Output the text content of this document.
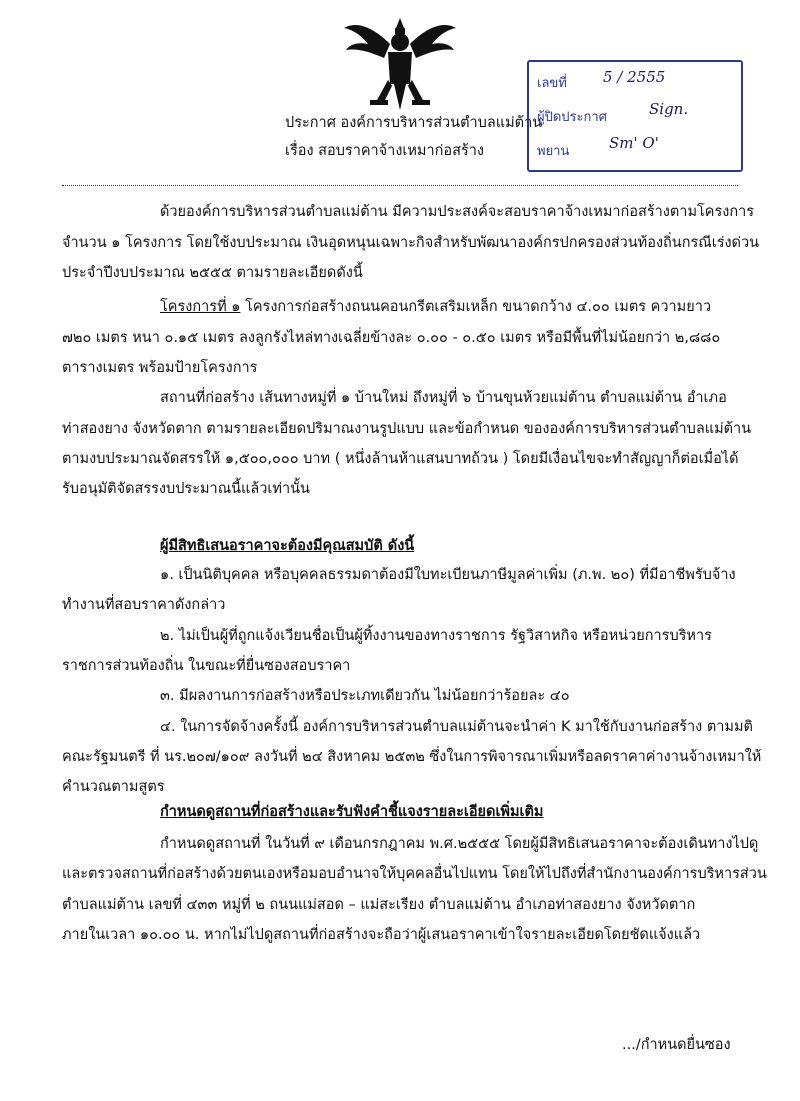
ประกาศ องค์การบริหารส่วนตำบลแม่ต้าน
เรื่อง สอบราคาจ้างเหมาก่อสร้าง
เลขที่ 5 / 2555
ผู้ปิดประกาศ	Sign.
พยาน	Sm' O'
ด้วยองค์การบริหารส่วนตำบลแม่ต้าน มีความประสงค์จะสอบราคาจ้างเหมาก่อสร้างตามโครงการ
จำนวน ๑ โครงการ โดยใช้งบประมาณ เงินอุดหนุนเฉพาะกิจสำหรับพัฒนาองค์กรปกครองส่วนท้องถิ่นกรณีเร่งด่วน
ประจำปีงบประมาณ ๒๕๕๕ ตามรายละเอียดดังนี้
โครงการที่ ๑ โครงการก่อสร้างถนนคอนกรีตเสริมเหล็ก ขนาดกว้าง ๔.๐๐ เมตร ความยาว
๗๒๐ เมตร หนา ๐.๑๕ เมตร ลงลูกรังไหล่ทางเฉลี่ยข้างละ ๐.๐๐ - ๐.๕๐ เมตร หรือมีพื้นที่ไม่น้อยกว่า ๒,๘๘๐
ตารางเมตร พร้อมป้ายโครงการ
สถานที่ก่อสร้าง เส้นทางหมู่ที่ ๑ บ้านใหม่ ถึงหมู่ที่ ๖ บ้านขุนห้วยแม่ต้าน ตำบลแม่ต้าน อำเภอ
ท่าสองยาง จังหวัดตาก ตามรายละเอียดปริมาณงานรูปแบบ และข้อกำหนด ขององค์การบริหารส่วนตำบลแม่ต้าน
ตามงบประมาณจัดสรรให้ ๑,๕๐๐,๐๐๐ บาท ( หนึ่งล้านห้าแสนบาทถ้วน ) โดยมีเงื่อนไขจะทำสัญญาก็ต่อเมื่อได้
รับอนุมัติจัดสรรงบประมาณนี้แล้วเท่านั้น
ผู้มีสิทธิเสนอราคาจะต้องมีคุณสมบัติ ดังนี้
๑. เป็นนิติบุคคล หรือบุคคลธรรมดาต้องมีใบทะเบียนภาษีมูลค่าเพิ่ม (ภ.พ. ๒๐) ที่มีอาชีพรับจ้าง
ทำงานที่สอบราคาดังกล่าว
๒. ไม่เป็นผู้ที่ถูกแจ้งเวียนชื่อเป็นผู้ทิ้งงานของทางราชการ รัฐวิสาหกิจ หรือหน่วยการบริหาร
ราชการส่วนท้องถิ่น ในขณะที่ยื่นซองสอบราคา
๓. มีผลงานการก่อสร้างหรือประเภทเดียวกัน ไม่น้อยกว่าร้อยละ ๔๐
๔. ในการจัดจ้างครั้งนี้ องค์การบริหารส่วนตำบลแม่ต้านจะนำค่า K มาใช้กับงานก่อสร้าง ตามมติ
คณะรัฐมนตรี ที่ นร.๒๐๗/๑๐๙ ลงวันที่ ๒๔ สิงหาคม ๒๕๓๒ ซึ่งในการพิจารณาเพิ่มหรือลดราคาค่างานจ้างเหมาให้
คำนวณตามสูตร
กำหนดดูสถานที่ก่อสร้างและรับฟังคำชี้แจงรายละเอียดเพิ่มเติม
กำหนดดูสถานที่ ในวันที่ ๙ เดือนกรกฎาคม พ.ศ.๒๕๕๕ โดยผู้มีสิทธิเสนอราคาจะต้องเดินทางไปดู
และตรวจสถานที่ก่อสร้างด้วยตนเองหรือมอบอำนาจให้บุคคลอื่นไปแทน โดยให้ไปถึงที่สำนักงานองค์การบริหารส่วน
ตำบลแม่ต้าน เลขที่ ๔๓๓ หมู่ที่ ๒ ถนนแม่สอด – แม่สะเรียง ตำบลแม่ต้าน อำเภอท่าสองยาง จังหวัดตาก
ภายในเวลา ๑๐.๐๐ น. หากไม่ไปดูสถานที่ก่อสร้างจะถือว่าผู้เสนอราคาเข้าใจรายละเอียดโดยชัดแจ้งแล้ว
.../กำหนดยื่นซอง
